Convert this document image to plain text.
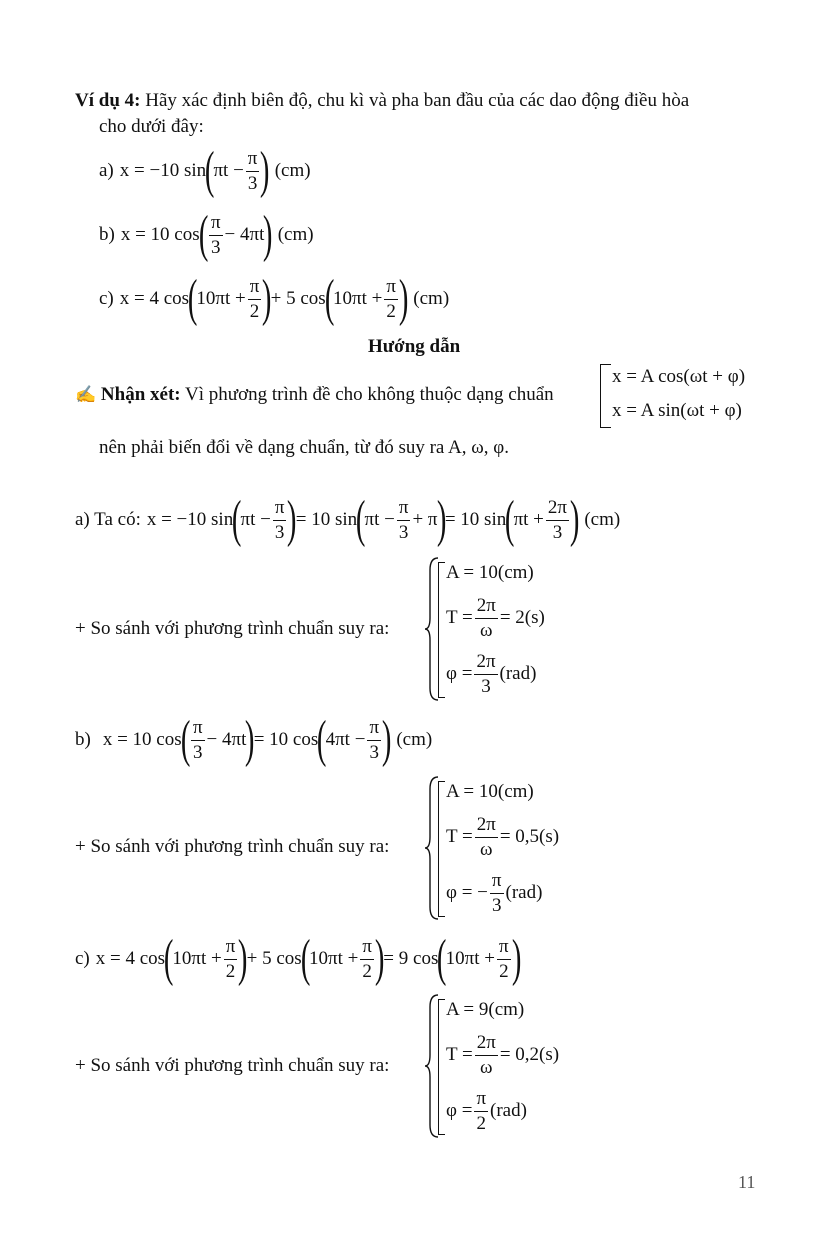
Ví dụ 4: Hãy xác định biên độ, chu kì và pha ban đầu của các dao động điều hòa
cho dưới đây:
a) x = −10 sin
(
$\pi t - \frac{\pi}{3}$ ) (cm)
b) x = 10 cos
( $\frac{\pi}{3} - 4\pi t$
) (cm)
c) x = 4 cos
(
$10\pi t + \frac{\pi}{2}$ )
+ 5 cos
(
$10\pi t + \frac{\pi}{2}$ ) (cm)
Hướng dẫn
✍ Nhận xét: Vì phương trình đề cho không thuộc dạng chuẩn
x = A cos(ωt + φ)
x = A sin(ωt + φ)
nên phải biến đổi về dạng chuẩn, từ đó suy ra A, ω, φ.
a) Ta có: x = −10 sin
(
$\pi t - \frac{\pi}{3}$ )
= 10 sin
(
$\pi t - \frac{\pi}{3} + \pi$
)
= 10 sin
(
$\pi t + \frac{2\pi}{3}$ ) (cm)
+ So sánh với phương trình chuẩn suy ra:
A = 10(cm)
$T = \frac{2\pi}{\omega} = 2(s)$
$\varphi = \frac{2\pi}{3} (rad)$
b) x = 10 cos
( $\frac{\pi}{3} - 4\pi t$
)
= 10 cos
(
$4\pi t - \frac{\pi}{3}$ ) (cm)
+ So sánh với phương trình chuẩn suy ra:
A = 10(cm)
$T = \frac{2\pi}{\omega} = 0,5(s)$
φ = − $\frac{\pi}{3} (rad)$
c) x = 4 cos
(
$10\pi t + \frac{\pi}{2}$ )
+ 5 cos
(
$10\pi t + \frac{\pi}{2}$ )
= 9 cos
(
$10\pi t + \frac{\pi}{2}$ )
+ So sánh với phương trình chuẩn suy ra:
A = 9(cm)
$T = \frac{2\pi}{\omega} = 0,2(s)$
$\varphi = \frac{\pi}{2} (rad)$
11
